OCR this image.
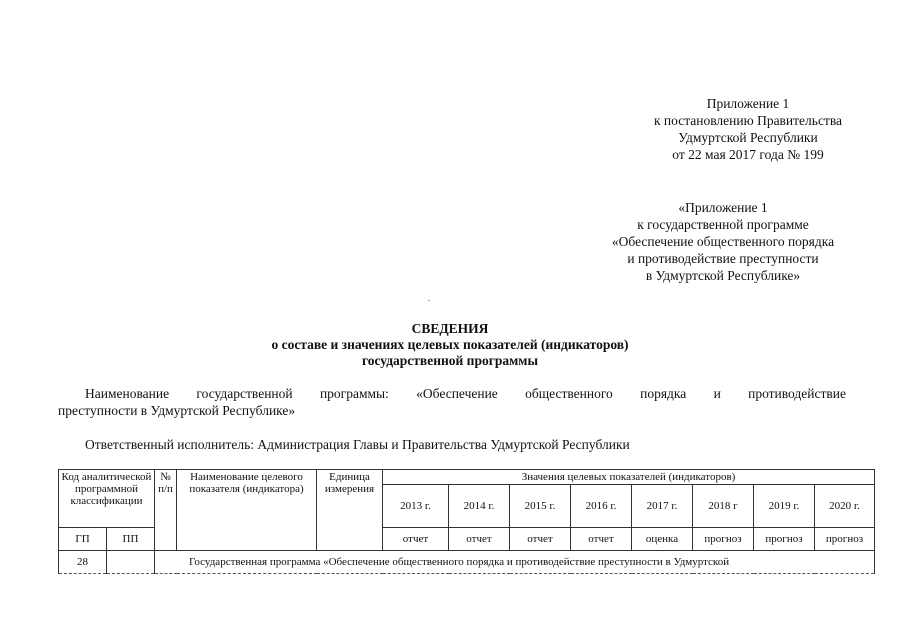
Приложение 1
к постановлению Правительства
Удмуртской Республики
от 22 мая 2017 года № 199
«Приложение 1
к государственной программе
«Обеспечение общественного порядка
и противодействие преступности
в Удмуртской Республике»
СВЕДЕНИЯ
о составе и значениях целевых показателей (индикаторов)
государственной программы
Наименование государственной программы: «Обеспечение общественного порядка и противодействие
преступности в Удмуртской Республике»
Ответственный исполнитель: Администрация Главы и Правительства Удмуртской Республики
Код аналитической программной классификации		№ п/п	Наименование целевого показателя (индикатора)	Единица измерения	Значения целевых показателей (индикаторов)							
					2013 г.	2014 г.	2015 г.	2016 г.	2017 г.	2018 г	2019 г.	2020 г.
ГП	ПП				отчет	отчет	отчет	отчет	оценка	прогноз	прогноз	прогноз
28		Государственная программа «Обеспечение общественного порядка и противодействие преступности в Удмуртской										
